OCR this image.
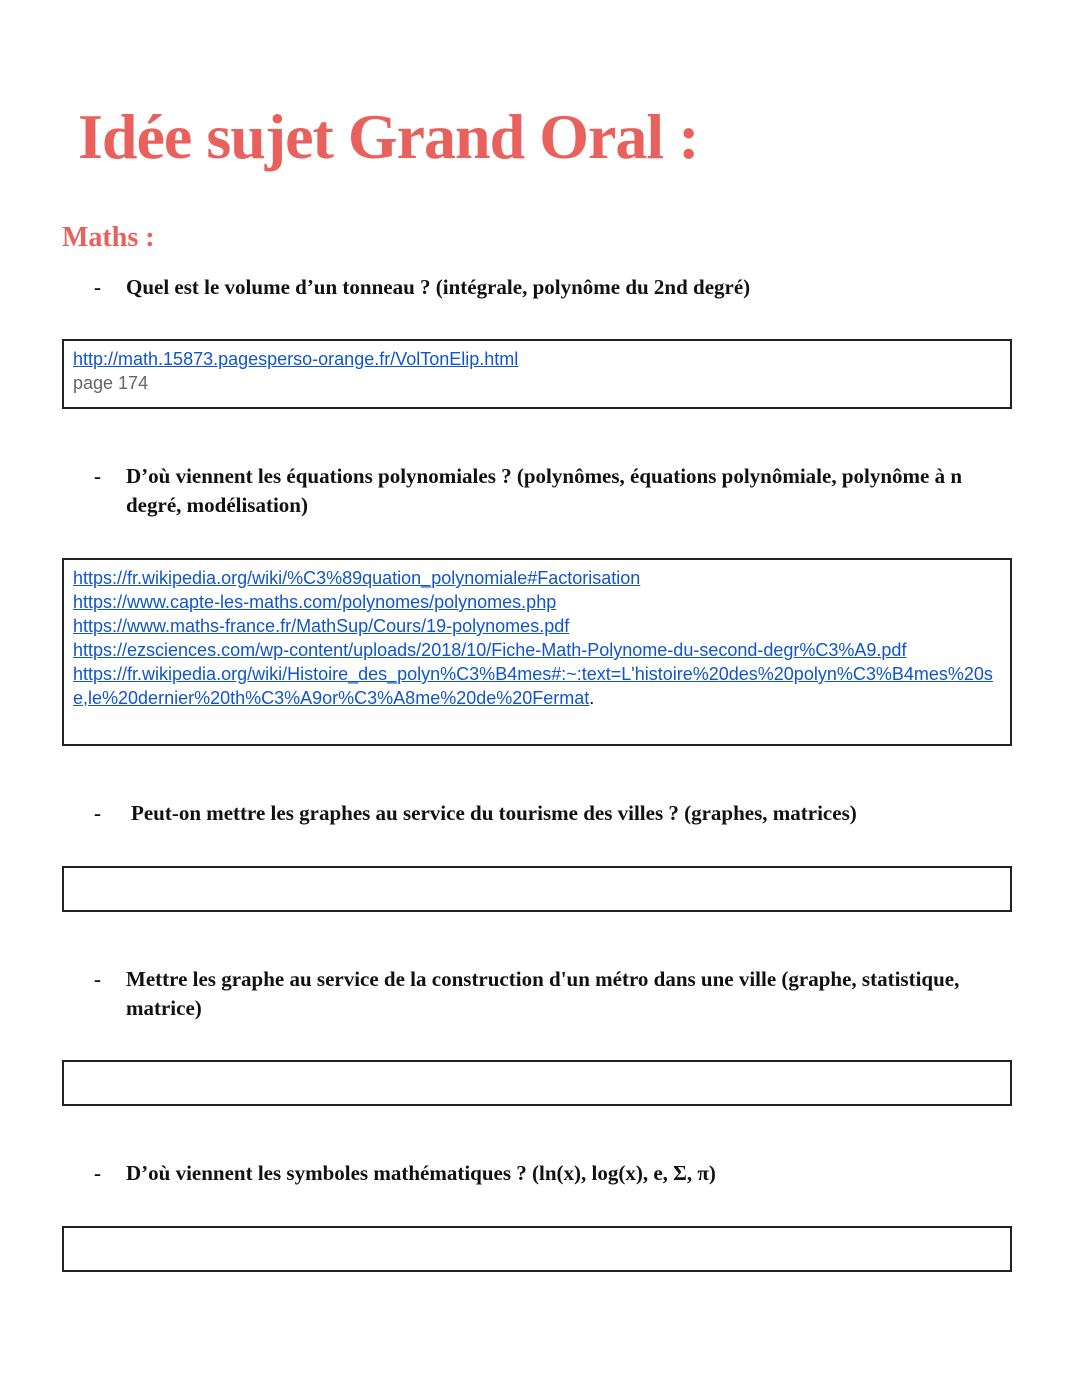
Idée sujet Grand Oral :
Maths :
-	Quel est le volume d’un tonneau ? (intégrale, polynôme du 2nd degré)
http://math.15873.pagesperso-orange.fr/VolTonElip.html
page 174
-	D’où viennent les équations polynomiales ? (polynômes, équations polynômiale, polynôme à n degré, modélisation)
https://fr.wikipedia.org/wiki/%C3%89quation_polynomiale#Factorisation
https://www.capte-les-maths.com/polynomes/polynomes.php
https://www.maths-france.fr/MathSup/Cours/19-polynomes.pdf
https://ezsciences.com/wp-content/uploads/2018/10/Fiche-Math-Polynome-du-second-degr%C3%A9.pdf
https://fr.wikipedia.org/wiki/Histoire_des_polyn%C3%B4mes#:~:text=L'histoire%20des%20polyn%C3%B4mes%20se,le%20dernier%20th%C3%A9or%C3%A8me%20de%20Fermat.
-	Peut-on mettre les graphes au service du tourisme des villes ? (graphes, matrices)
-	Mettre les graphe au service de la construction d'un métro dans une ville (graphe, statistique, matrice)
-	D’où viennent les symboles mathématiques ? (ln(x), log(x), e, Σ, π)
